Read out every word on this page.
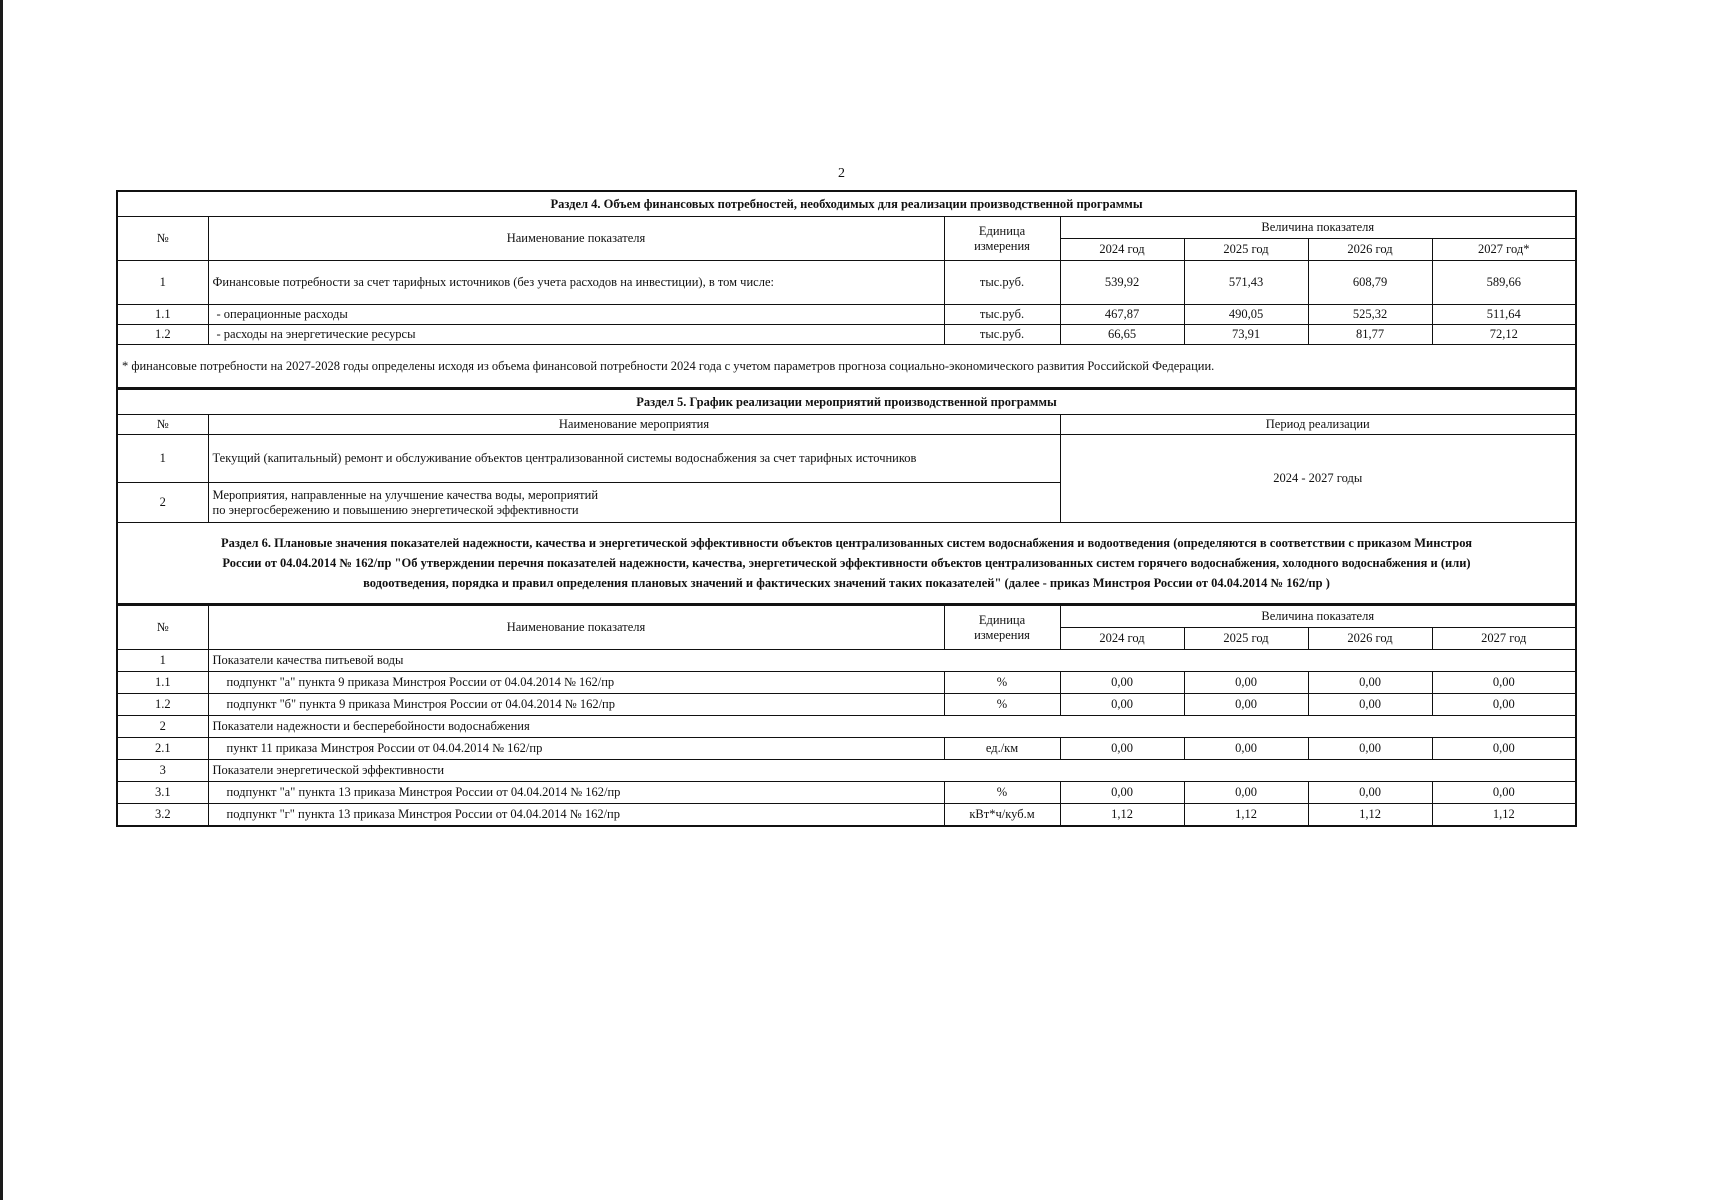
2
Раздел 4. Объем финансовых потребностей, необходимых для реализации производственной программы						
№	Наименование показателя	Единица
измерения	Величина показателя			
			2024 год	2025 год	2026 год	2027 год*
1	Финансовые потребности за счет тарифных источников (без учета расходов на инвестиции), в том числе:	тыс.руб.	539,92	571,43	608,79	589,66
1.1	- операционные расходы	тыс.руб.	467,87	490,05	525,32	511,64
1.2	- расходы на энергетические ресурсы	тыс.руб.	66,65	73,91	81,77	72,12
* финансовые потребности на 2027-2028 годы определены исходя из объема финансовой потребности 2024 года с учетом параметров прогноза социально-экономического развития Российской Федерации.						
Раздел 5. График реализации мероприятий производственной программы		
№	Наименование мероприятия	Период реализации
1	Текущий (капитальный) ремонт и обслуживание объектов централизованной системы водоснабжения за счет тарифных источников	2024 - 2027 годы
2	Мероприятия, направленные на улучшение качества воды, мероприятий
по энергосбережению и повышению энергетической эффективности	

Раздел 6. Плановые значения показателей надежности, качества и энергетической эффективности объектов централизованных систем водоснабжения и водоотведения (определяются в соответствии с приказом Минстроя
России от 04.04.2014 № 162/пр "Об утверждении перечня показателей надежности, качества, энергетической эффективности объектов централизованных систем горячего водоснабжения, холодного водоснабжения и (или)
водоотведения, порядка и правил определения плановых значений и фактических значений таких показателей" (далее - приказ Минстроя России от 04.04.2014 № 162/пр )		
№	Наименование показателя	Единица
измерения	Величина показателя			
			2024 год	2025 год	2026 год	2027 год
1	Показатели качества питьевой воды					
1.1	подпункт "а" пункта 9 приказа Минстроя России от 04.04.2014 № 162/пр	%	0,00	0,00	0,00	0,00
1.2	подпункт "б" пункта 9 приказа Минстроя России от 04.04.2014 № 162/пр	%	0,00	0,00	0,00	0,00
2	Показатели надежности и бесперебойности водоснабжения					
2.1	пункт 11 приказа Минстроя России от 04.04.2014 № 162/пр	ед./км	0,00	0,00	0,00	0,00
3	Показатели энергетической эффективности					
3.1	подпункт "а" пункта 13 приказа Минстроя России от 04.04.2014 № 162/пр	%	0,00	0,00	0,00	0,00
3.2	подпункт "г" пункта 13 приказа Минстроя России от 04.04.2014 № 162/пр	кВт*ч/куб.м	1,12	1,12	1,12	1,12
